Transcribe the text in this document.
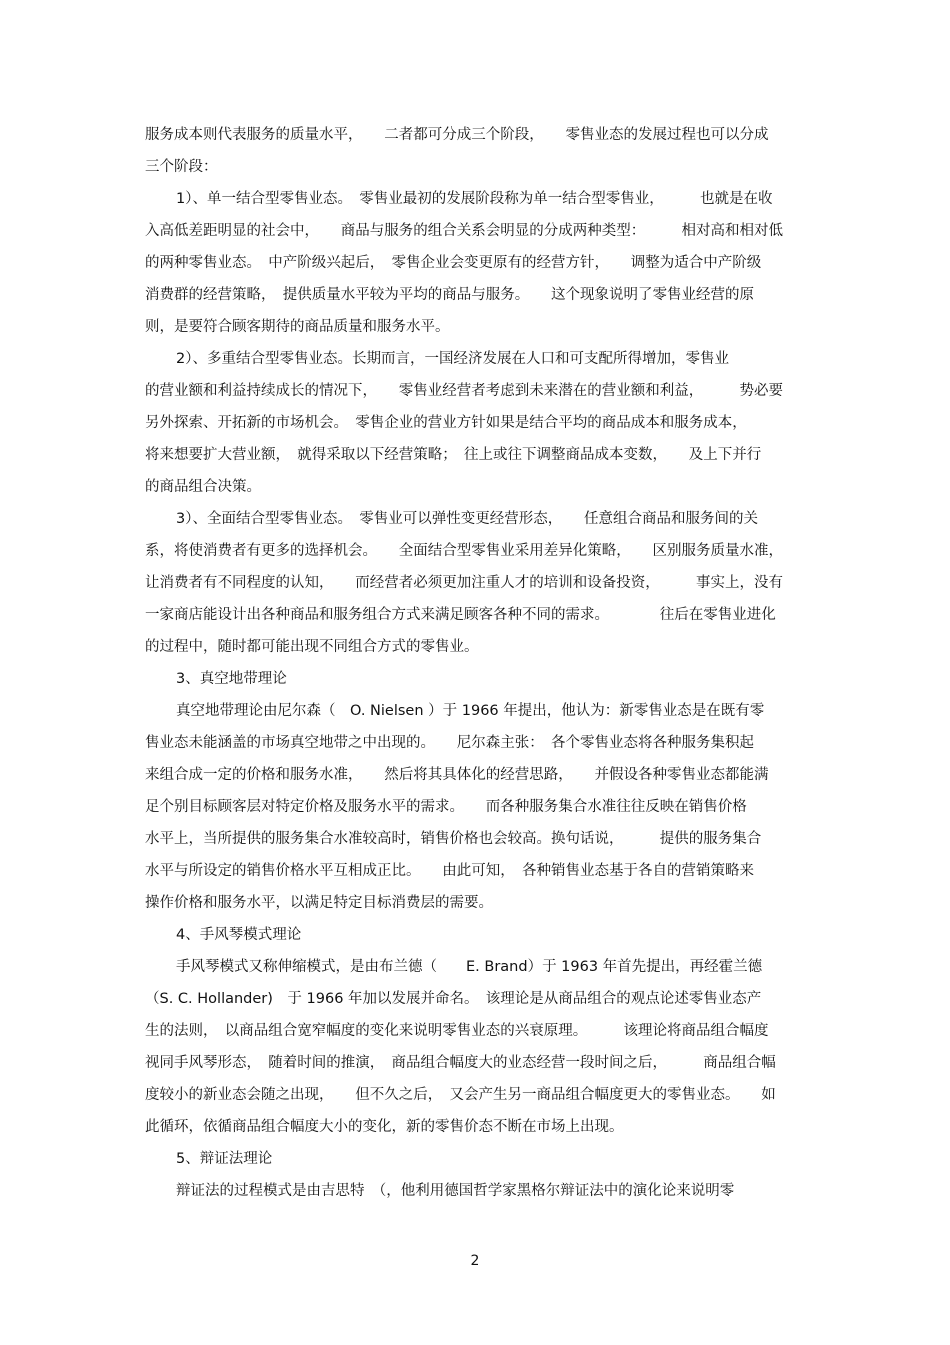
服务成本则代表服务的质量水平，　　二者都可分成三个阶段，　　零售业态的发展过程也可以分成
三个阶段：
1）、单一结合型零售业态。　零售业最初的发展阶段称为单一结合型零售业，　　　也就是在收
入高低差距明显的社会中，　　商品与服务的组合关系会明显的分成两种类型：　　　相对高和相对低
的两种零售业态。　中产阶级兴起后，　零售企业会变更原有的经营方针，　　调整为适合中产阶级
消费群的经营策略，　提供质量水平较为平均的商品与服务。　　这个现象说明了零售业经营的原
则，是要符合顾客期待的商品质量和服务水平。
2）、多重结合型零售业态。长期而言，一国经济发展在人口和可支配所得增加，零售业
的营业额和利益持续成长的情况下，　　零售业经营者考虑到未来潜在的营业额和利益，　　　势必要
另外探索、开拓新的市场机会。　零售企业的营业方针如果是结合平均的商品成本和服务成本，
将来想要扩大营业额，　就得采取以下经营策略；　往上或往下调整商品成本变数，　　及上下并行
的商品组合决策。
3）、全面结合型零售业态。　零售业可以弹性变更经营形态，　　任意组合商品和服务间的关
系，将使消费者有更多的选择机会。　　全面结合型零售业采用差异化策略，　　区别服务质量水准，
让消费者有不同程度的认知，　　而经营者必须更加注重人才的培训和设备投资，　　　事实上，没有
一家商店能设计出各种商品和服务组合方式来满足顾客各种不同的需求。　　　　往后在零售业进化
的过程中，随时都可能出现不同组合方式的零售业。
3、真空地带理论
真空地带理论由尼尔森（　O. Nielsen ）于 1966 年提出，他认为：新零售业态是在既有零
售业态未能涵盖的市场真空地带之中出现的。　　尼尔森主张：　各个零售业态将各种服务集积起
来组合成一定的价格和服务水准，　　然后将其具体化的经营思路，　　并假设各种零售业态都能满
足个别目标顾客层对特定价格及服务水平的需求。　　而各种服务集合水准往往反映在销售价格
水平上，当所提供的服务集合水准较高时，销售价格也会较高。换句话说，　　　提供的服务集合
水平与所设定的销售价格水平互相成正比。　　由此可知，　各种销售业态基于各自的营销策略来
操作价格和服务水平，以满足特定目标消费层的需要。
4、手风琴模式理论
手风琴模式又称伸缩模式，是由布兰德（　　E. Brand）于 1963 年首先提出，再经霍兰德
（S. C. Hollander)　于 1966 年加以发展并命名。　该理论是从商品组合的观点论述零售业态产
生的法则，　以商品组合宽窄幅度的变化来说明零售业态的兴衰原理。　　　该理论将商品组合幅度
视同手风琴形态，　随着时间的推演，　商品组合幅度大的业态经营一段时间之后，　　　商品组合幅
度较小的新业态会随之出现，　　但不久之后，　又会产生另一商品组合幅度更大的零售业态。　　如
此循环，依循商品组合幅度大小的变化，新的零售价态不断在市场上出现。
5、辩证法理论
辩证法的过程模式是由吉思特　（，他利用德国哲学家黑格尔辩证法中的演化论来说明零
2
